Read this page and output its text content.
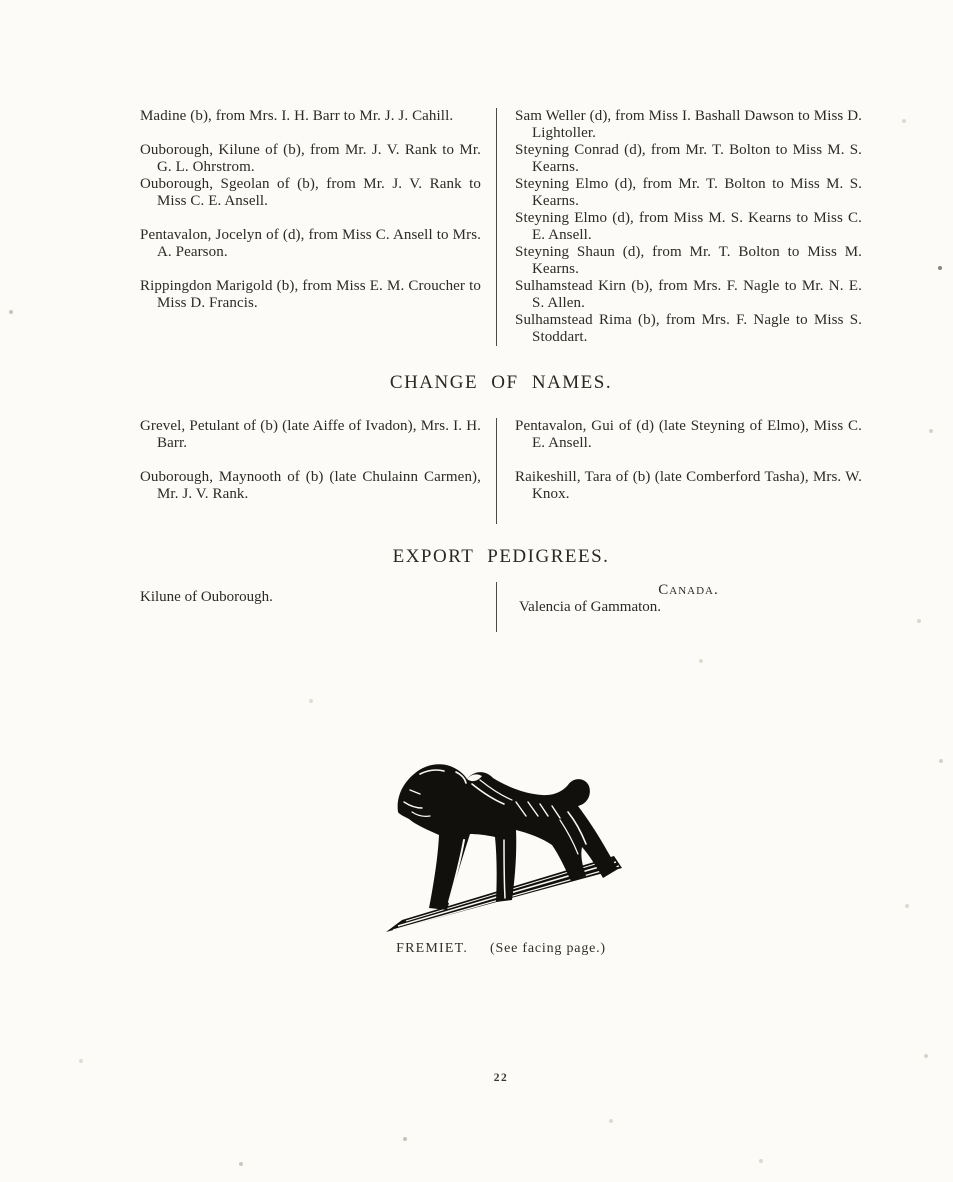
Madine (b), from Mrs. I. H. Barr to Mr. J. J. Cahill.

Ouborough, Kilune of (b), from Mr. J. V. Rank to Mr. G. L. Ohrstrom.

Ouborough, Sgeolan of (b), from Mr. J. V. Rank to Miss C. E. Ansell.

Pentavalon, Jocelyn of (d), from Miss C. Ansell to Mrs. A. Pearson.

Rippingdon Marigold (b), from Miss E. M. Croucher to Miss D. Francis.

Sam Weller (d), from Miss I. Bashall Dawson to Miss D. Lightoller.

Steyning Conrad (d), from Mr. T. Bolton to Miss M. S. Kearns.

Steyning Elmo (d), from Mr. T. Bolton to Miss M. S. Kearns.

Steyning Elmo (d), from Miss M. S. Kearns to Miss C. E. Ansell.

Steyning Shaun (d), from Mr. T. Bolton to Miss M. Kearns.

Sulhamstead Kirn (b), from Mrs. F. Nagle to Mr. N. E. S. Allen.

Sulhamstead Rima (b), from Mrs. F. Nagle to Miss S. Stoddart.

CHANGE OF NAMES.

Grevel, Petulant of (b) (late Aiffe of Ivadon), Mrs. I. H. Barr.

Ouborough, Maynooth of (b) (late Chulainn Carmen), Mr. J. V. Rank.

Pentavalon, Gui of (d) (late Steyning of Elmo), Miss C. E. Ansell.

Raikeshill, Tara of (b) (late Comberford Tasha), Mrs. W. Knox.

EXPORT PEDIGREES.

Kilune of Ouborough.	Canada.

Valencia of Gammaton.

FREMIET. (See facing page.)
22
